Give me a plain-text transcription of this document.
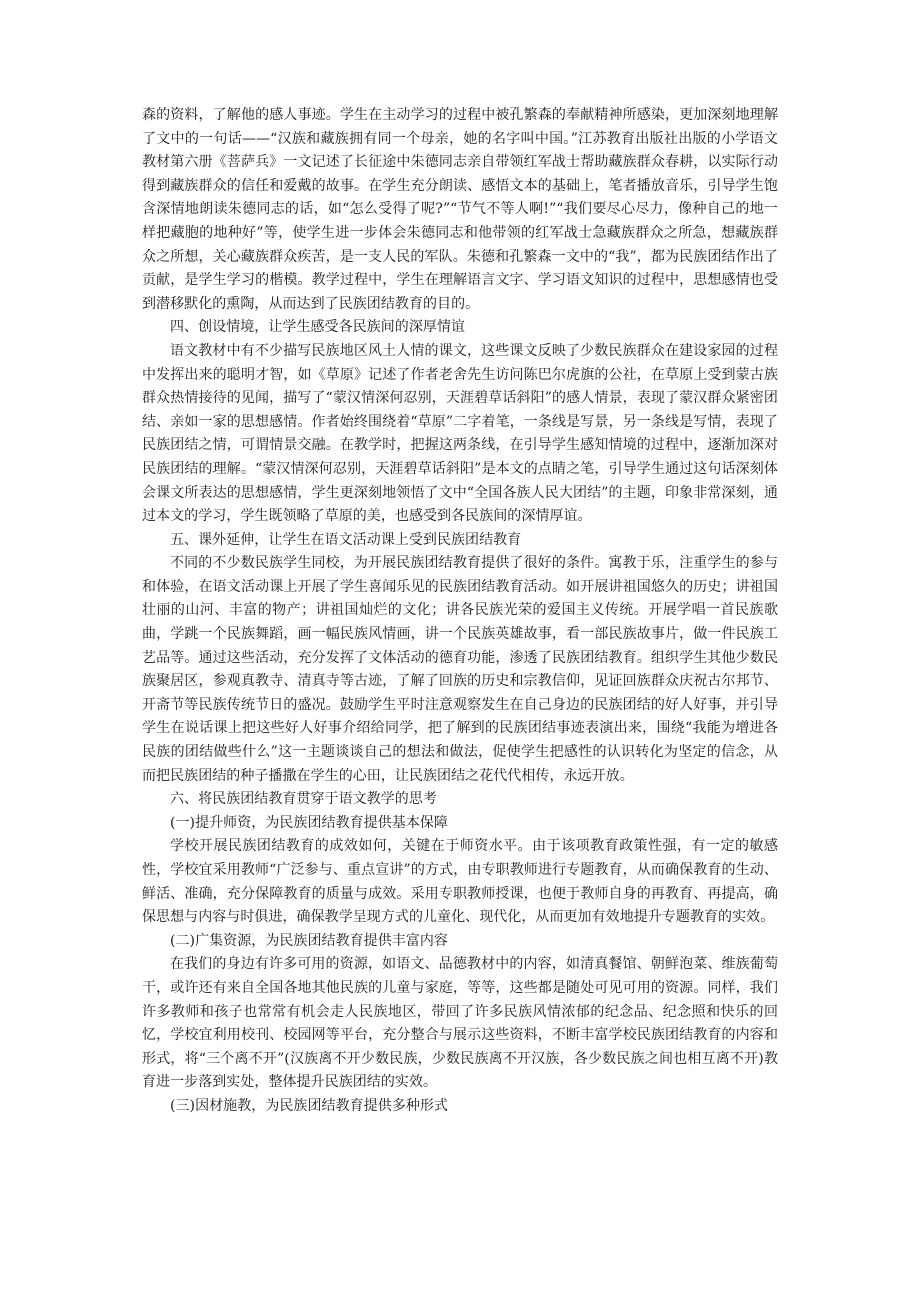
森的资料，了解他的感人事迹。学生在主动学习的过程中被孔繁森的奉献精神所感染，更加深刻地理解了文中的一句话——“汉族和藏族拥有同一个母亲，她的名字叫中国。”江苏教育出版社出版的小学语文教材第六册《菩萨兵》一文记述了长征途中朱德同志亲自带领红军战士帮助藏族群众春耕，以实际行动得到藏族群众的信任和爱戴的故事。在学生充分朗读、感悟文本的基础上，笔者播放音乐，引导学生饱含深情地朗读朱德同志的话，如“怎么受得了呢?”“节气不等人啊!”“我们要尽心尽力，像种自己的地一样把藏胞的地种好”等，使学生进一步体会朱德同志和他带领的红军战士急藏族群众之所急，想藏族群众之所想，关心藏族群众疾苦，是一支人民的军队。朱德和孔繁森一文中的“我”，都为民族团结作出了贡献，是学生学习的楷模。教学过程中，学生在理解语言文字、学习语文知识的过程中，思想感情也受到潜移默化的熏陶，从而达到了民族团结教育的目的。

四、创设情境，让学生感受各民族间的深厚情谊

语文教材中有不少描写民族地区风土人情的课文，这些课文反映了少数民族群众在建设家园的过程中发挥出来的聪明才智，如《草原》记述了作者老舍先生访问陈巴尔虎旗的公社，在草原上受到蒙古族群众热情接待的见闻，描写了“蒙汉情深何忍别，天涯碧草话斜阳”的感人情景，表现了蒙汉群众紧密团结、亲如一家的思想感情。作者始终围绕着“草原”二字着笔，一条线是写景，另一条线是写情，表现了民族团结之情，可谓情景交融。在教学时，把握这两条线，在引导学生感知情境的过程中，逐渐加深对民族团结的理解。“蒙汉情深何忍别，天涯碧草话斜阳”是本文的点睛之笔，引导学生通过这句话深刻体会课文所表达的思想感情，学生更深刻地领悟了文中“全国各族人民大团结”的主题，印象非常深刻，通过本文的学习，学生既领略了草原的美，也感受到各民族间的深情厚谊。

五、课外延伸，让学生在语文活动课上受到民族团结教育

不同的不少数民族学生同校，为开展民族团结教育提供了很好的条件。寓教于乐，注重学生的参与和体验，在语文活动课上开展了学生喜闻乐见的民族团结教育活动。如开展讲祖国悠久的历史；讲祖国壮丽的山河、丰富的物产；讲祖国灿烂的文化；讲各民族光荣的爱国主义传统。开展学唱一首民族歌曲，学跳一个民族舞蹈，画一幅民族风情画，讲一个民族英雄故事，看一部民族故事片，做一件民族工艺品等。通过这些活动，充分发挥了文体活动的德育功能，渗透了民族团结教育。组织学生其他少数民族聚居区，参观真教寺、清真寺等古迹，了解了回族的历史和宗教信仰，见证回族群众庆祝古尔邦节、开斋节等民族传统节日的盛况。鼓励学生平时注意观察发生在自己身边的民族团结的好人好事，并引导学生在说话课上把这些好人好事介绍给同学，把了解到的民族团结事迹表演出来，围绕“我能为增进各民族的团结做些什么”这一主题谈谈自己的想法和做法，促使学生把感性的认识转化为坚定的信念，从而把民族团结的种子播撒在学生的心田，让民族团结之花代代相传，永远开放。

六、将民族团结教育贯穿于语文教学的思考

(一)提升师资，为民族团结教育提供基本保障

学校开展民族团结教育的成效如何，关键在于师资水平。由于该项教育政策性强，有一定的敏感性，学校宜采用教师“广泛参与、重点宣讲”的方式，由专职教师进行专题教育，从而确保教育的生动、鲜活、准确，充分保障教育的质量与成效。采用专职教师授课，也便于教师自身的再教育、再提高，确保思想与内容与时俱进，确保教学呈现方式的儿童化、现代化，从而更加有效地提升专题教育的实效。

(二)广集资源，为民族团结教育提供丰富内容

在我们的身边有许多可用的资源，如语文、品德教材中的内容，如清真餐馆、朝鲜泡菜、维族葡萄干，或许还有来自全国各地其他民族的儿童与家庭，等等，这些都是随处可见可用的资源。同样，我们许多教师和孩子也常常有机会走人民族地区，带回了许多民族风情浓郁的纪念品、纪念照和快乐的回忆，学校宜利用校刊、校园网等平台，充分整合与展示这些资料，不断丰富学校民族团结教育的内容和形式，将“三个离不开”(汉族离不开少数民族，少数民族离不开汉族，各少数民族之间也相互离不开)教育进一步落到实处，整体提升民族团结的实效。

(三)因材施教，为民族团结教育提供多种形式
